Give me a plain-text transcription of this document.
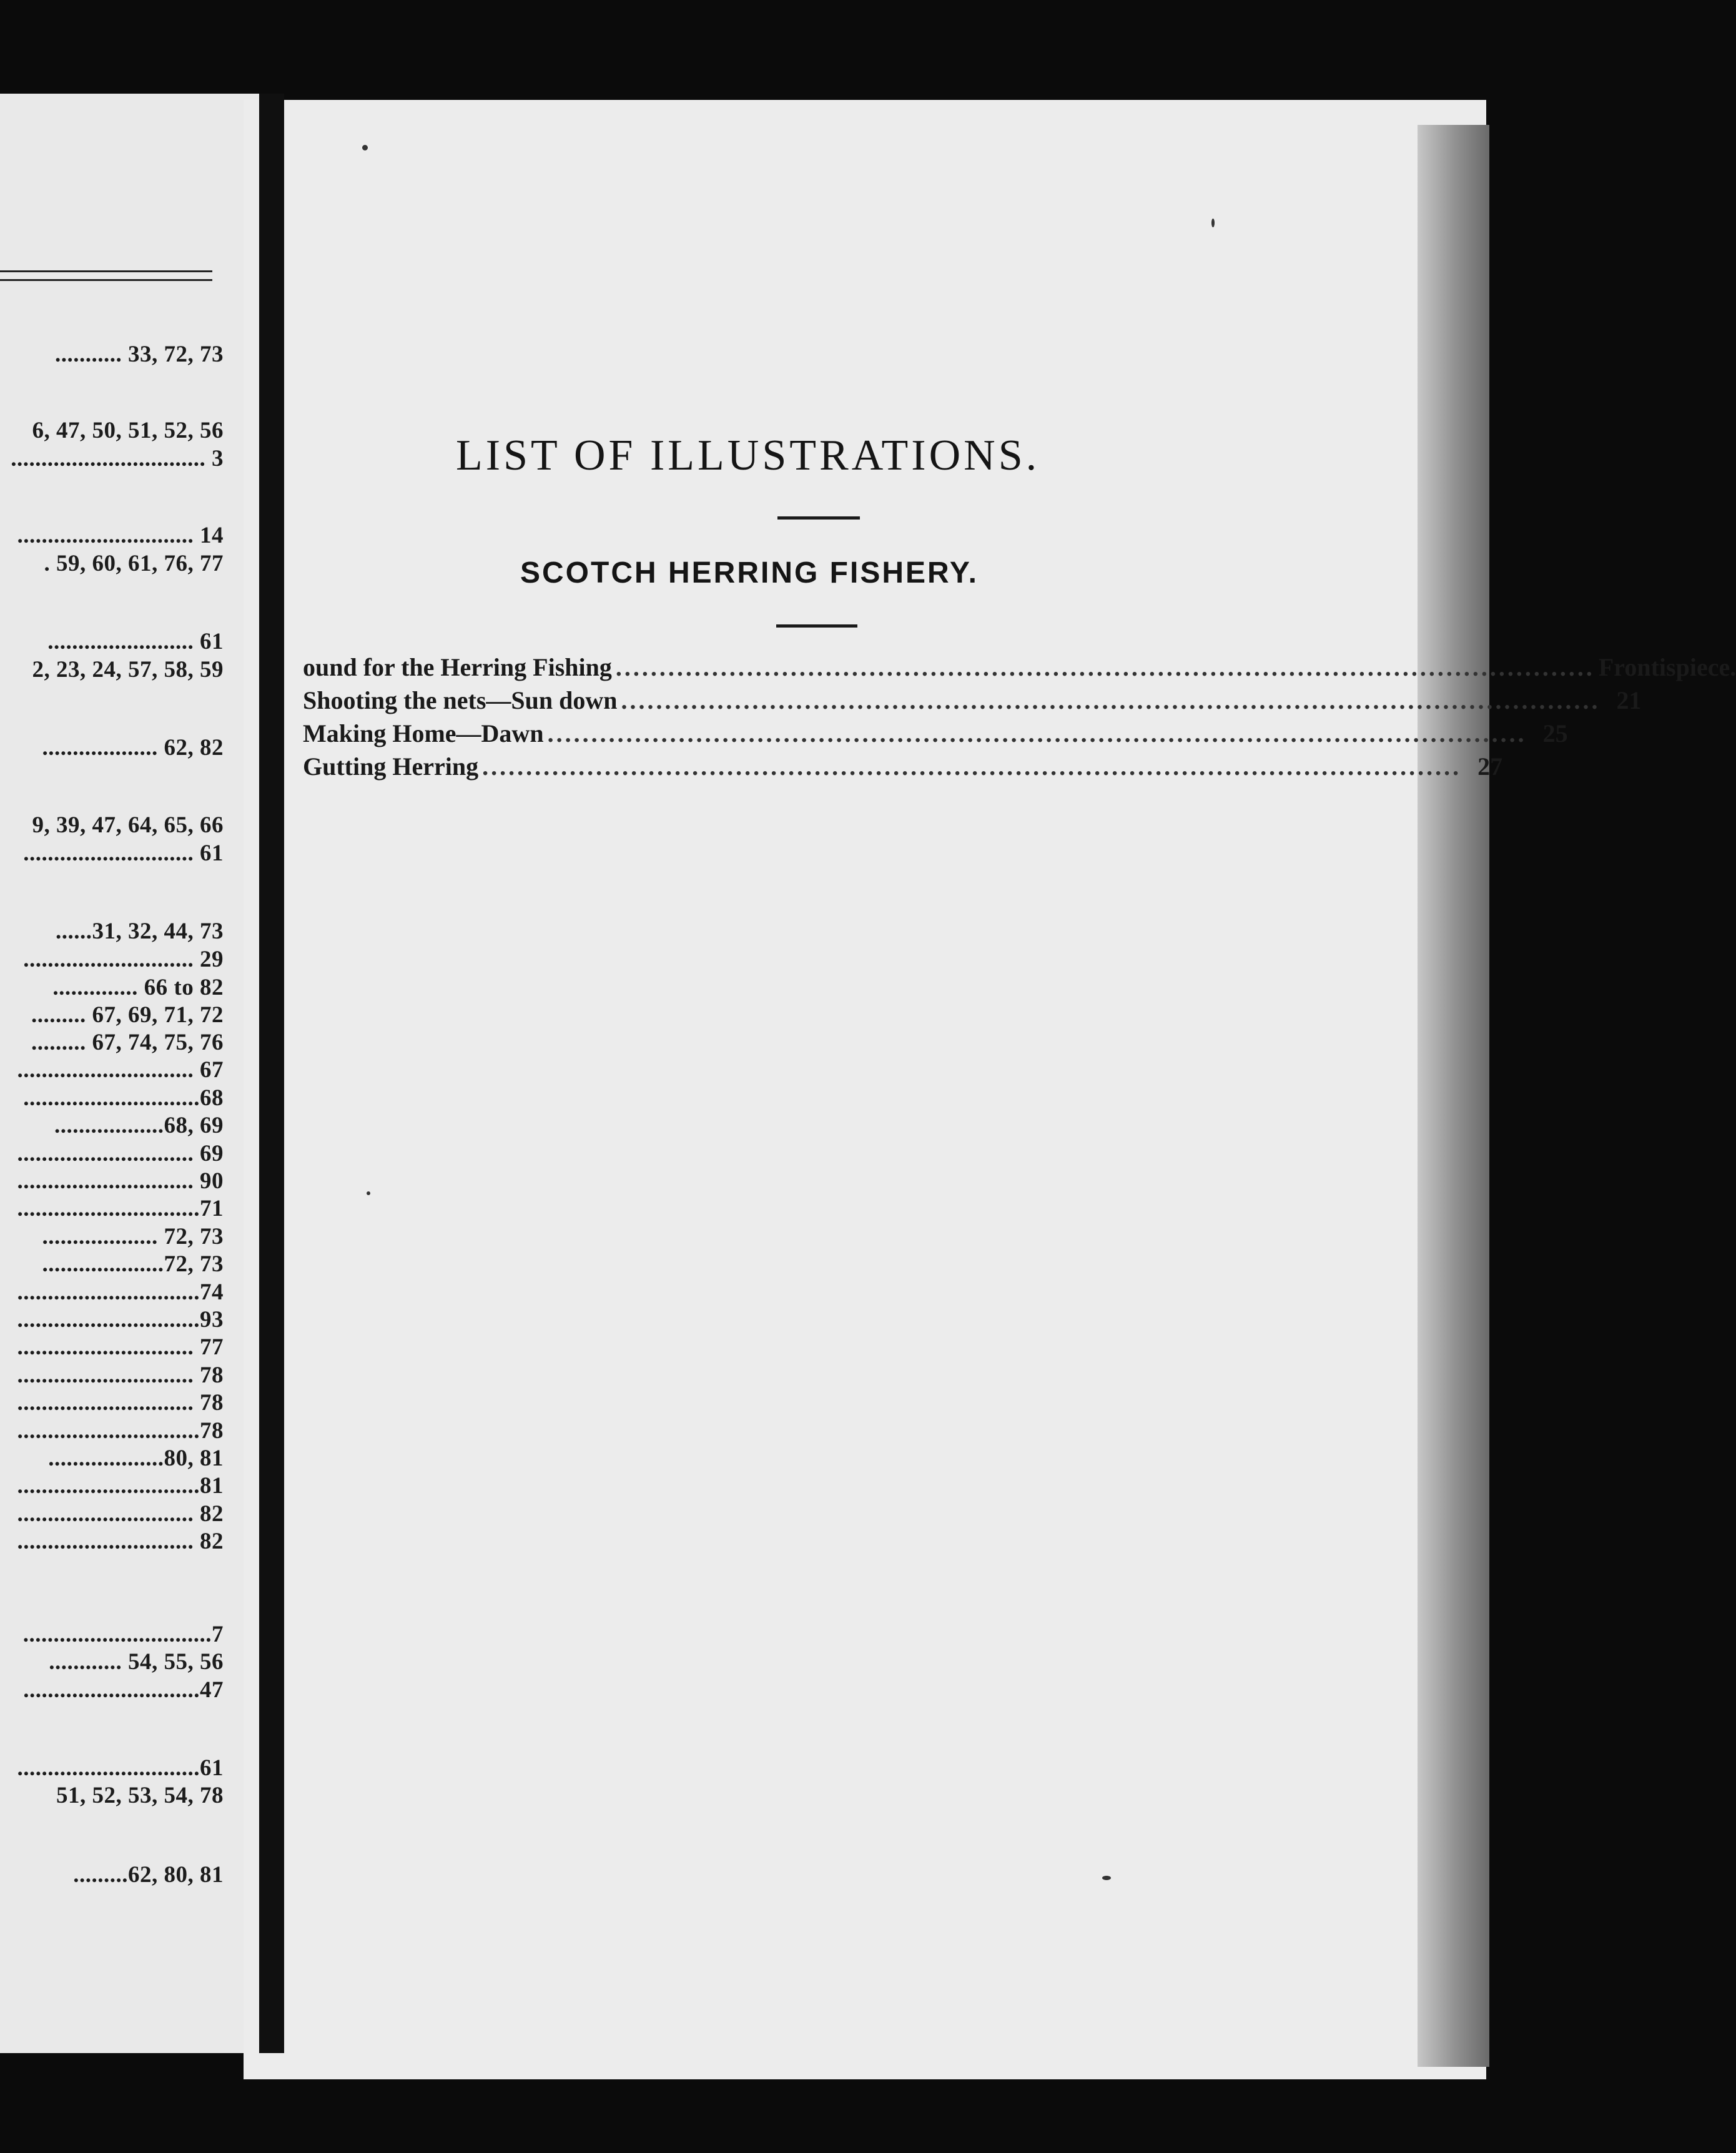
........... 33, 72, 73
6, 47, 50, 51, 52, 56
................................ 3
............................. 14
. 59, 60, 61, 76, 77
........................ 61
2, 23, 24, 57, 58, 59
................... 62, 82
9, 39, 47, 64, 65, 66
............................ 61
......31, 32, 44, 73
............................ 29
.............. 66 to 82
......... 67, 69, 71, 72
......... 67, 74, 75, 76
............................. 67
.............................68
..................68, 69
............................. 69
............................. 90
..............................71
................... 72, 73
....................72, 73
..............................74
..............................93
............................. 77
............................. 78
............................. 78
..............................78
...................80, 81
..............................81
............................. 82
............................. 82
...............................7
............ 54, 55, 56
.............................47
..............................61
51, 52, 53, 54, 78
.........62, 80, 81
LIST OF ILLUSTRATIONS.
SCOTCH HERRING FISHERY.
ound for the Herring Fishing ................................................................................................................ Frontispiece.
Shooting the nets—Sun down ................................................................................................................ 21
Making Home—Dawn ................................................................................................................ 25
Gutting Herring ................................................................................................................ 27
